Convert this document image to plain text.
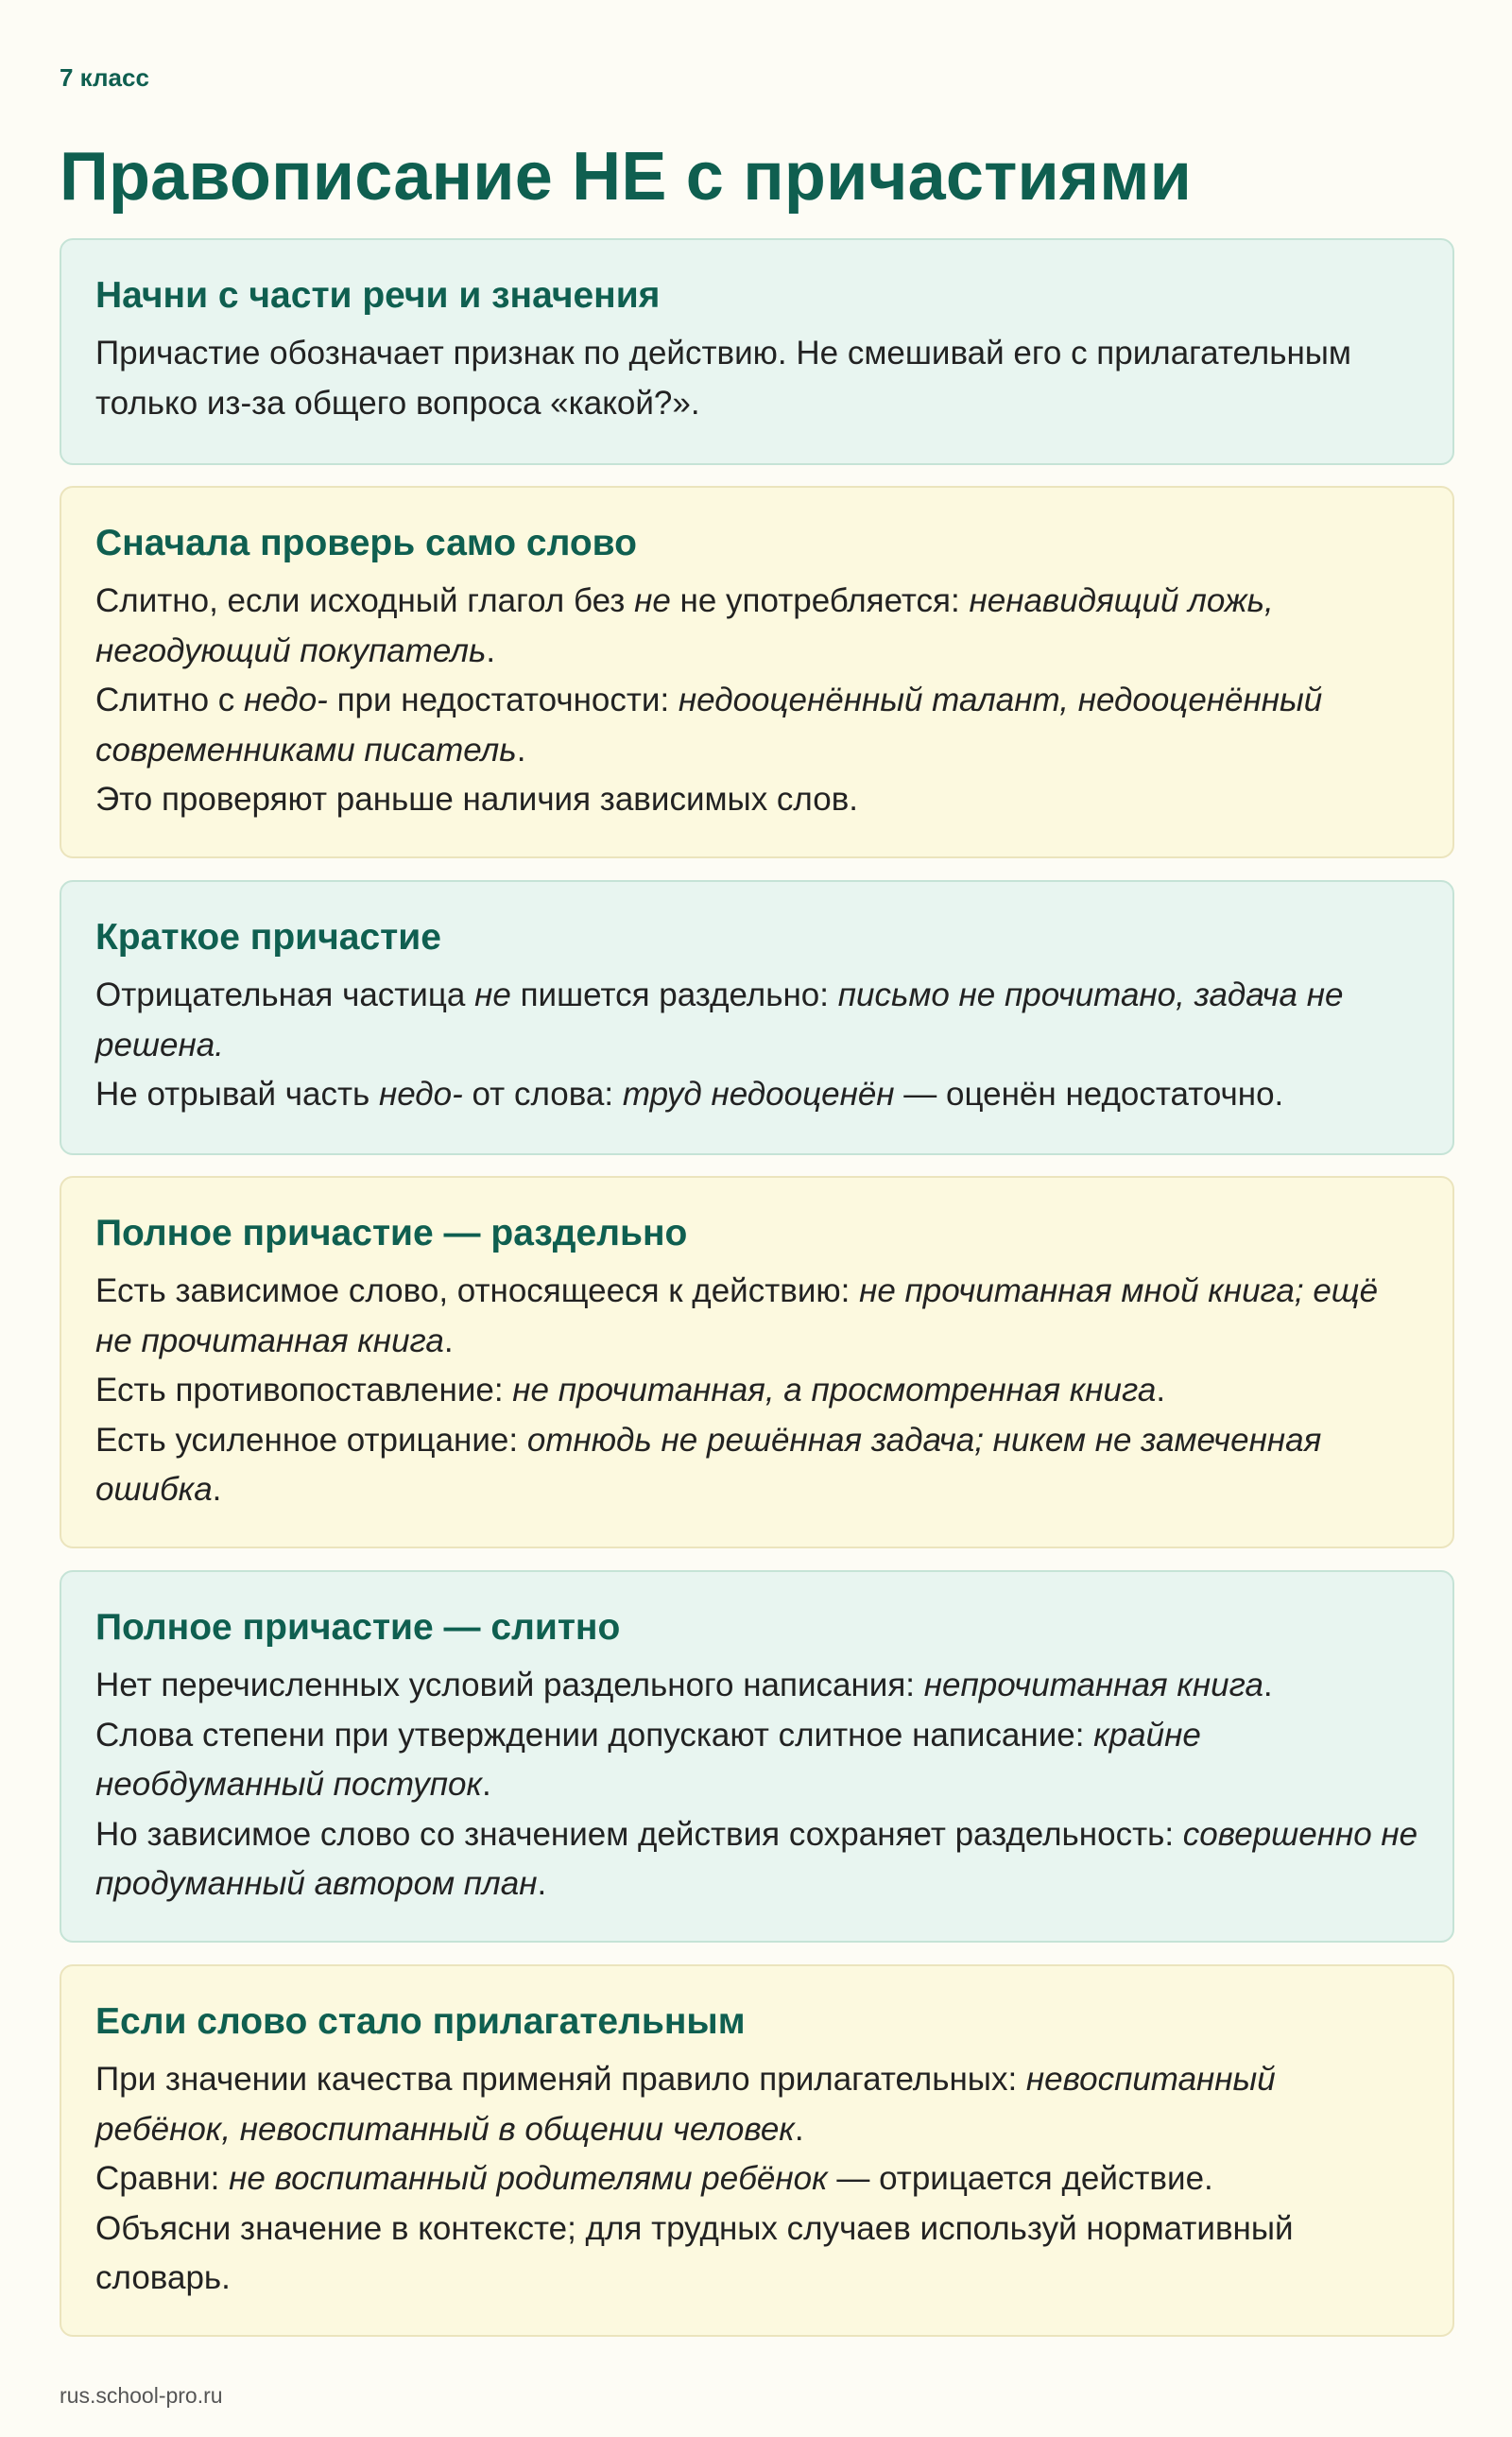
7 класс
Правописание НЕ с причастиями
Начни с части речи и значения

Причастие обозначает признак по действию. Не смешивай его с прилагательным только из-за общего вопроса «какой?».

Сначала проверь само слово

Слитно, если исходный глагол без не не употребляется: ненавидящий ложь, негодующий покупатель.

Слитно с недо- при недостаточности: недооценённый талант, недооценённый современниками писатель.

Это проверяют раньше наличия зависимых слов.

Краткое причастие

Отрицательная частица не пишется раздельно: письмо не прочитано, задача не решена.

Не отрывай часть недо- от слова: труд недооценён — оценён недостаточно.

Полное причастие — раздельно

Есть зависимое слово, относящееся к действию: не прочитанная мной книга; ещё не прочитанная книга.

Есть противопоставление: не прочитанная, а просмотренная книга.

Есть усиленное отрицание: отнюдь не решённая задача; никем не замеченная ошибка.

Полное причастие — слитно

Нет перечисленных условий раздельного написания: непрочитанная книга.

Слова степени при утверждении допускают слитное написание: крайне необдуманный поступок.

Но зависимое слово со значением действия сохраняет раздельность: совершенно не продуманный автором план.

Если слово стало прилагательным

При значении качества применяй правило прилагательных: невоспитанный ребёнок, невоспитанный в общении человек.

Сравни: не воспитанный родителями ребёнок — отрицается действие.

Объясни значение в контексте; для трудных случаев используй нормативный словарь.

rus.school-pro.ru
